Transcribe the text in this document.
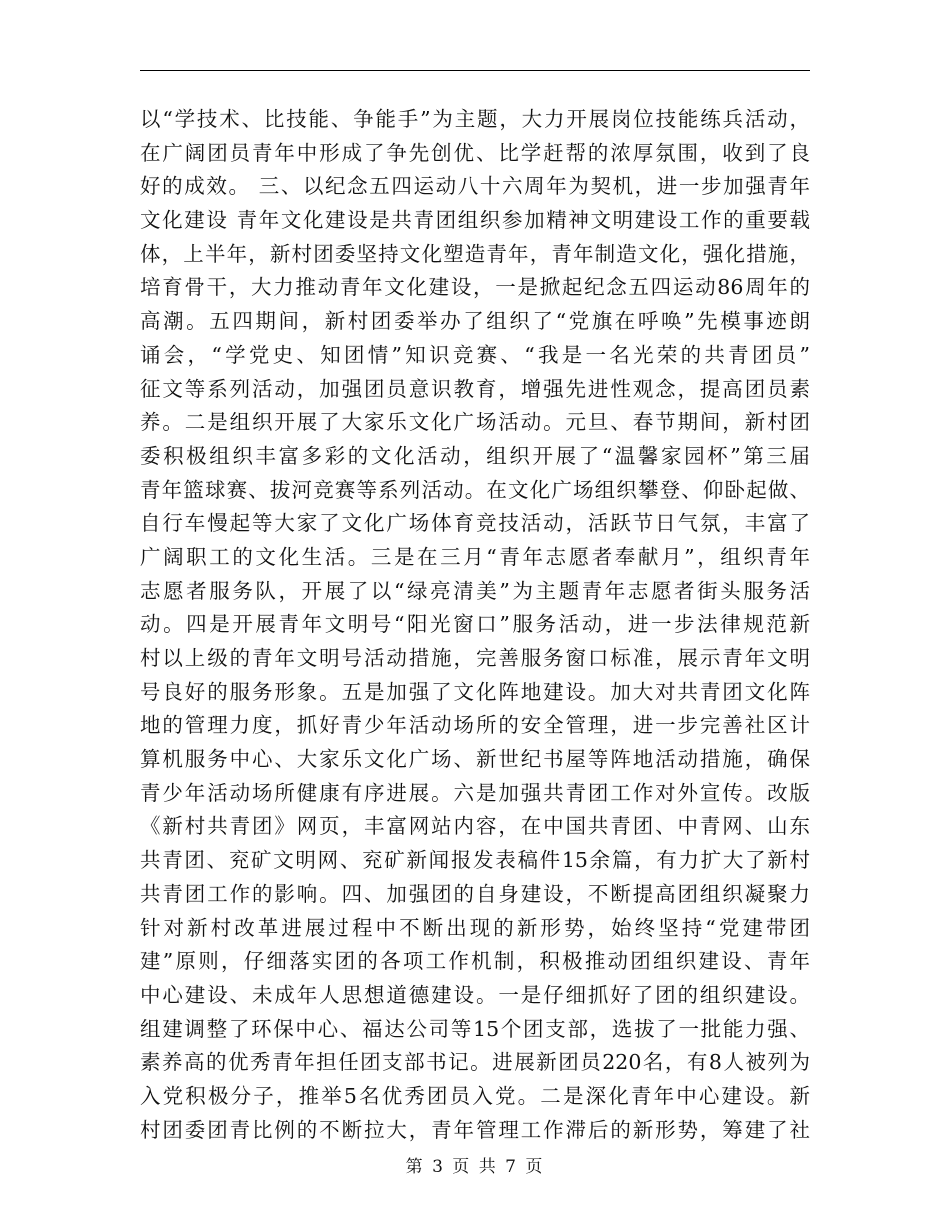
以“学技术、比技能、争能手”为主题，大力开展岗位技能练兵活动，
在广阔团员青年中形成了争先创优、比学赶帮的浓厚氛围，收到了良
好的成效。 三、以纪念五四运动八十六周年为契机，进一步加强青年
文化建设 青年文化建设是共青团组织参加精神文明建设工作的重要载
体，上半年，新村团委坚持文化塑造青年，青年制造文化，强化措施，
培育骨干，大力推动青年文化建设，一是掀起纪念五四运动86周年的
高潮。五四期间，新村团委举办了组织了“党旗在呼唤”先模事迹朗
诵会，“学党史、知团情”知识竞赛、“我是一名光荣的共青团员”
征文等系列活动，加强团员意识教育，增强先进性观念，提高团员素
养。二是组织开展了大家乐文化广场活动。元旦、春节期间，新村团
委积极组织丰富多彩的文化活动，组织开展了“温馨家园杯”第三届
青年篮球赛、拔河竞赛等系列活动。在文化广场组织攀登、仰卧起做、
自行车慢起等大家了文化广场体育竞技活动，活跃节日气氛，丰富了
广阔职工的文化生活。三是在三月“青年志愿者奉献月”，组织青年
志愿者服务队，开展了以“绿亮清美”为主题青年志愿者街头服务活
动。四是开展青年文明号“阳光窗口”服务活动，进一步法律规范新
村以上级的青年文明号活动措施，完善服务窗口标准，展示青年文明
号良好的服务形象。五是加强了文化阵地建设。加大对共青团文化阵
地的管理力度，抓好青少年活动场所的安全管理，进一步完善社区计
算机服务中心、大家乐文化广场、新世纪书屋等阵地活动措施，确保
青少年活动场所健康有序进展。六是加强共青团工作对外宣传。改版
《新村共青团》网页，丰富网站内容，在中国共青团、中青网、山东
共青团、兖矿文明网、兖矿新闻报发表稿件15余篇，有力扩大了新村
共青团工作的影响。四、加强团的自身建设，不断提高团组织凝聚力
针对新村改革进展过程中不断出现的新形势，始终坚持“党建带团
建”原则，仔细落实团的各项工作机制，积极推动团组织建设、青年
中心建设、未成年人思想道德建设。一是仔细抓好了团的组织建设。
组建调整了环保中心、福达公司等15个团支部，选拔了一批能力强、
素养高的优秀青年担任团支部书记。进展新团员220名，有8人被列为
入党积极分子，推举5名优秀团员入党。二是深化青年中心建设。新
村团委团青比例的不断拉大，青年管理工作滞后的新形势，筹建了社
第 3 页 共 7 页
